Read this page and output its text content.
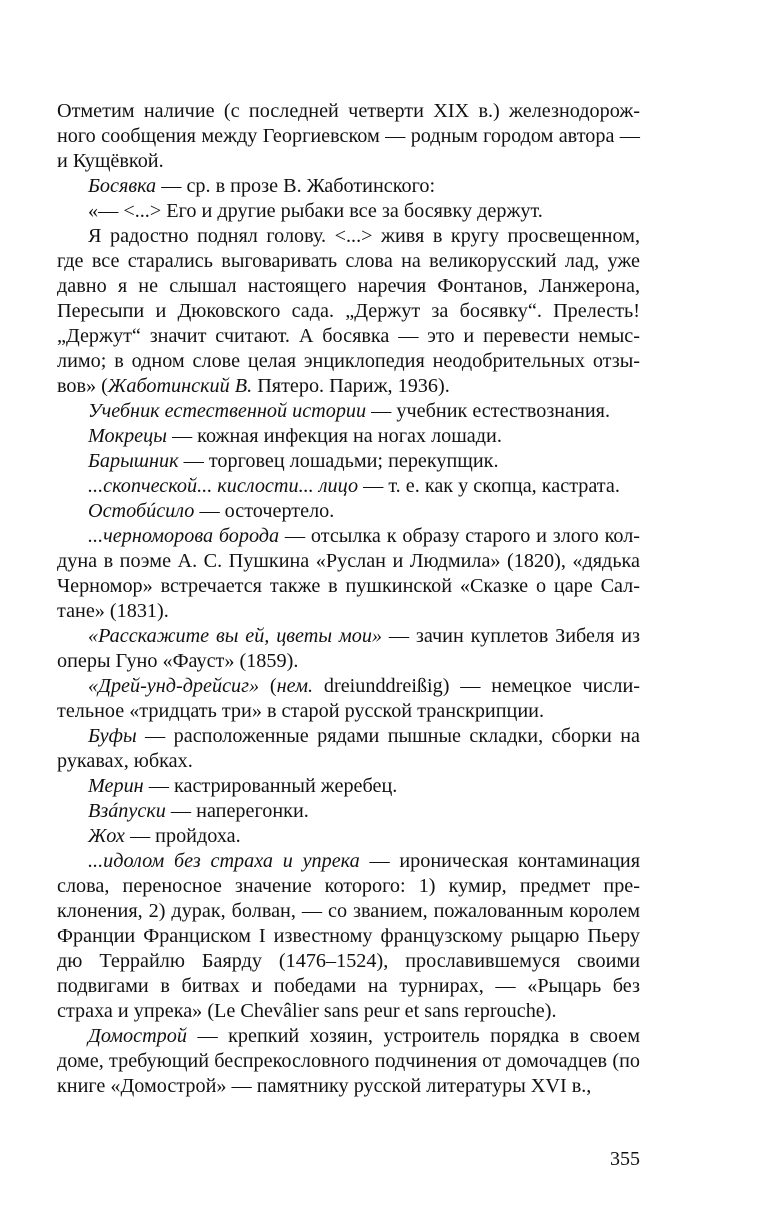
Отметим наличие (с последней четверти XIX в.) железнодорожного сообщения между Георгиевском — родным городом автора — и Кущёвкой.

Босявка — ср. в прозе В. Жаботинского:

«— <...> Его и другие рыбаки все за босявку держут.

Я радостно поднял голову. <...> живя в кругу просвещенном, где все старались выговаривать слова на великорусский лад, уже давно я не слышал настоящего наречия Фонтанов, Ланжерона, Пересыпи и Дюковского сада. „Держут за босявку“. Прелесть! „Держут“ значит считают. А босявка — это и перевести немыслимо; в одном слове целая энциклопедия неодобрительных отзывов» (Жаботинский В. Пятеро. Париж, 1936).

Учебник естественной истории — учебник естествознания.

Мокрецы — кожная инфекция на ногах лошади.

Барышник — торговец лошадьми; перекупщик.

...скопческой... кислости... лицо — т. е. как у скопца, кастрата.

Остобúсило — осточертело.

...черноморова борода — отсылка к образу старого и злого колдуна в поэме А. С. Пушкина «Руслан и Людмила» (1820), «дядька Черномор» встречается также в пушкинской «Сказке о царе Салтане» (1831).

«Расскажите вы ей, цветы мои» — зачин куплетов Зибеля из оперы Гуно «Фауст» (1859).

«Дрей-унд-дрейсиг» (нем. dreiunddreißig) — немецкое числительное «тридцать три» в старой русской транскрипции.

Буфы — расположенные рядами пышные складки, сборки на рукавах, юбках.

Мерин — кастрированный жеребец.

Взáпуски — наперегонки.

Жох — пройдоха.

...идолом без страха и упрека — ироническая контаминация слова, переносное значение которого: 1) кумир, предмет преклонения, 2) дурак, болван, — со званием, пожалованным королем Франции Франциском I известному французскому рыцарю Пьеру дю Террайлю Баярду (1476–1524), прославившемуся своими подвигами в битвах и победами на турнирах, — «Рыцарь без страха и упрека» (Le Chevâlier sans peur et sans reprouche).

Домострой — крепкий хозяин, устроитель порядка в своем доме, требующий беспрекословного подчинения от домочадцев (по книге «Домострой» — памятнику русской литературы XVI в.,

355
